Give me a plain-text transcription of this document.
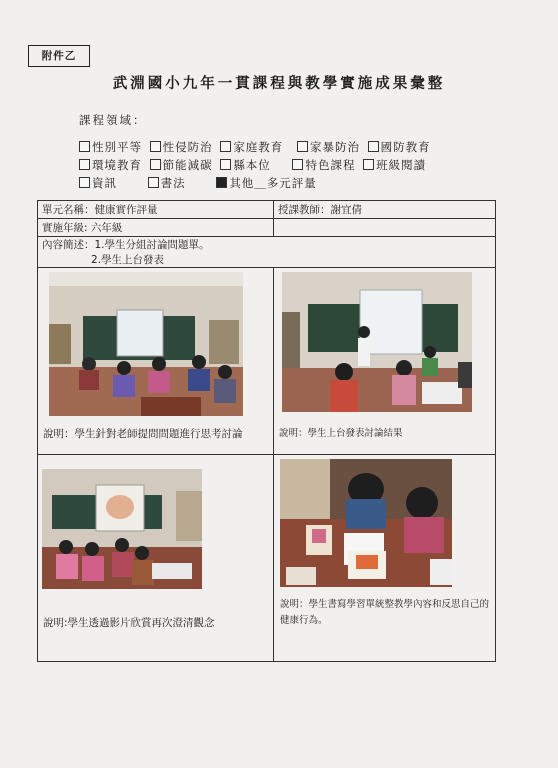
附件乙
武淵國小九年一貫課程與教學實施成果彙整
課程領域：
性別平等 性侵防治 家庭教育 家暴防治 國防教育
環境教育 節能減碳 縣本位	特色課程 班級閱讀
資訊	書法	其他＿多元評量
單元名稱：健康實作評量	授課教師：謝宜倩
實施年級: 六年級	

內容簡述：1.學生分組討論問題單。
2.學生上台發表	

說明：學生針對老師提問問題進行思考討論	說明：學生上台發表討論結果

說明:學生透過影片欣賞再次澄清觀念	說明：學生書寫學習單統整教學內容和反思自己的健康行為。
